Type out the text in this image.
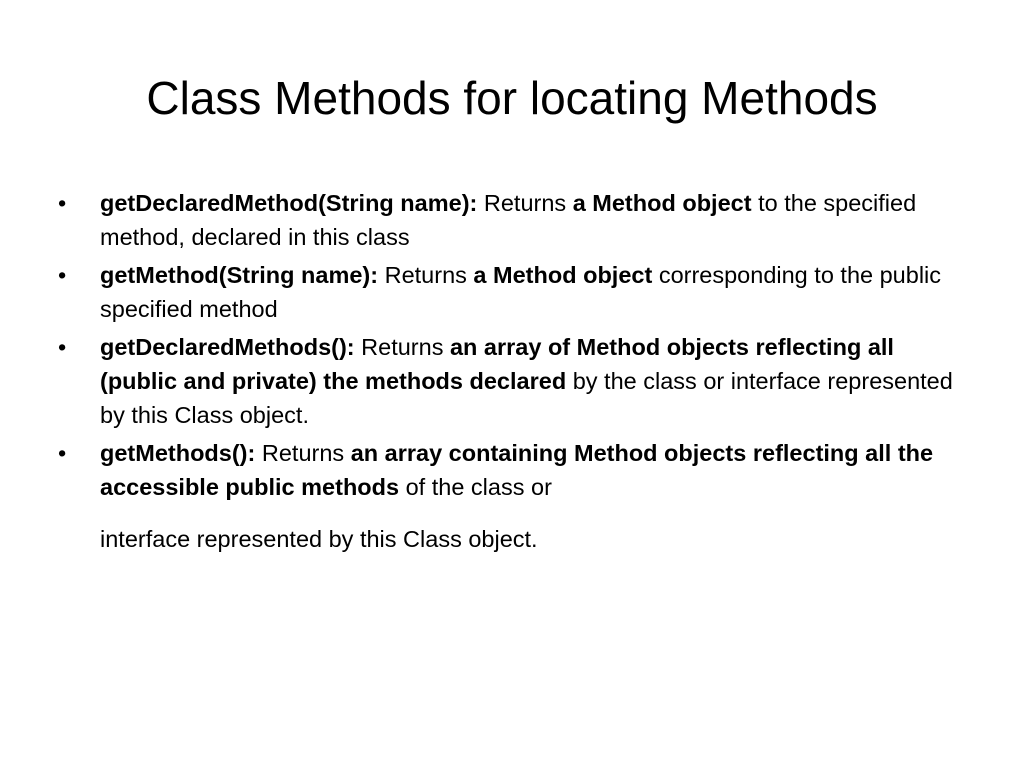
Class Methods for locating Methods
•	getDeclaredMethod(String name): Returns a Method object to the specified method, declared in this class
•	getMethod(String name): Returns a Method object corresponding to the public specified method
•	getDeclaredMethods(): Returns an array of Method objects reflecting all (public and private) the methods declared by the class or interface represented by this Class object.
•	getMethods(): Returns an array containing Method objects reflecting all the accessible public methods of the class or
interface represented by this Class object.
